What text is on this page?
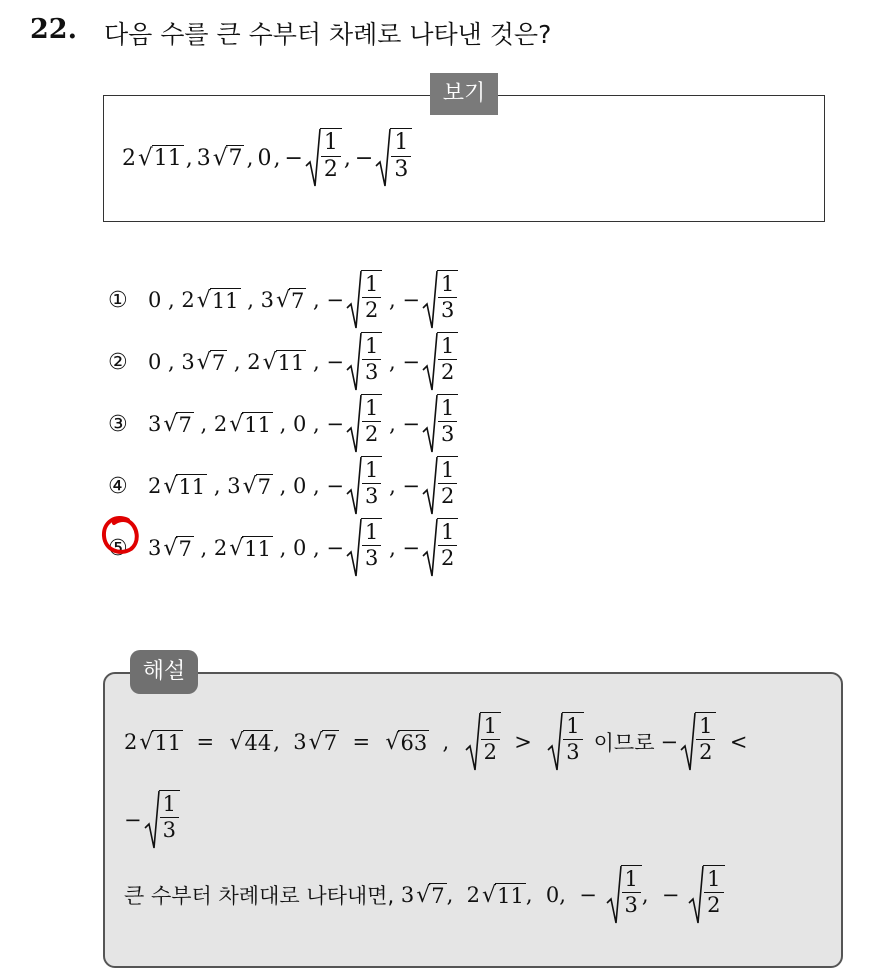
22. 다음 수를 큰 수부터 차례로 나타낸 것은?
보기
2 √ 11 , 3 √ 7 , 0 , − $\frac{1}{2}$ , − $\frac{1}{3}$
① 0 , 2 √ 11 , 3 √ 7 , − $\frac{1}{2}$ , − $\frac{1}{3}$
② 0 , 3 √ 7 , 2 √ 11 , − $\frac{1}{3}$ , − $\frac{1}{2}$
③ 3 √ 7 , 2 √ 11 , 0 , − $\frac{1}{2}$ , − $\frac{1}{3}$
④ 2 √ 11 , 3 √ 7 , 0 , − $\frac{1}{3}$ , − $\frac{1}{2}$
⑤ 3 √ 7 , 2 √ 11 , 0 , − $\frac{1}{3}$ , − $\frac{1}{2}$
해설
2 √ 11 = √ 44 ,  3 √ 7 = √ 63 , $\frac{1}{2} > \frac{1}{3}$ 이므로 − $\frac{1}{2}$ <
− $\frac{1}{3}$
큰 수부터 차례대로 나타내면, 3 √ 7 ,  2 √ 11 ,  0,  − $\frac{1}{3}$ ,  − $\frac{1}{2}$
